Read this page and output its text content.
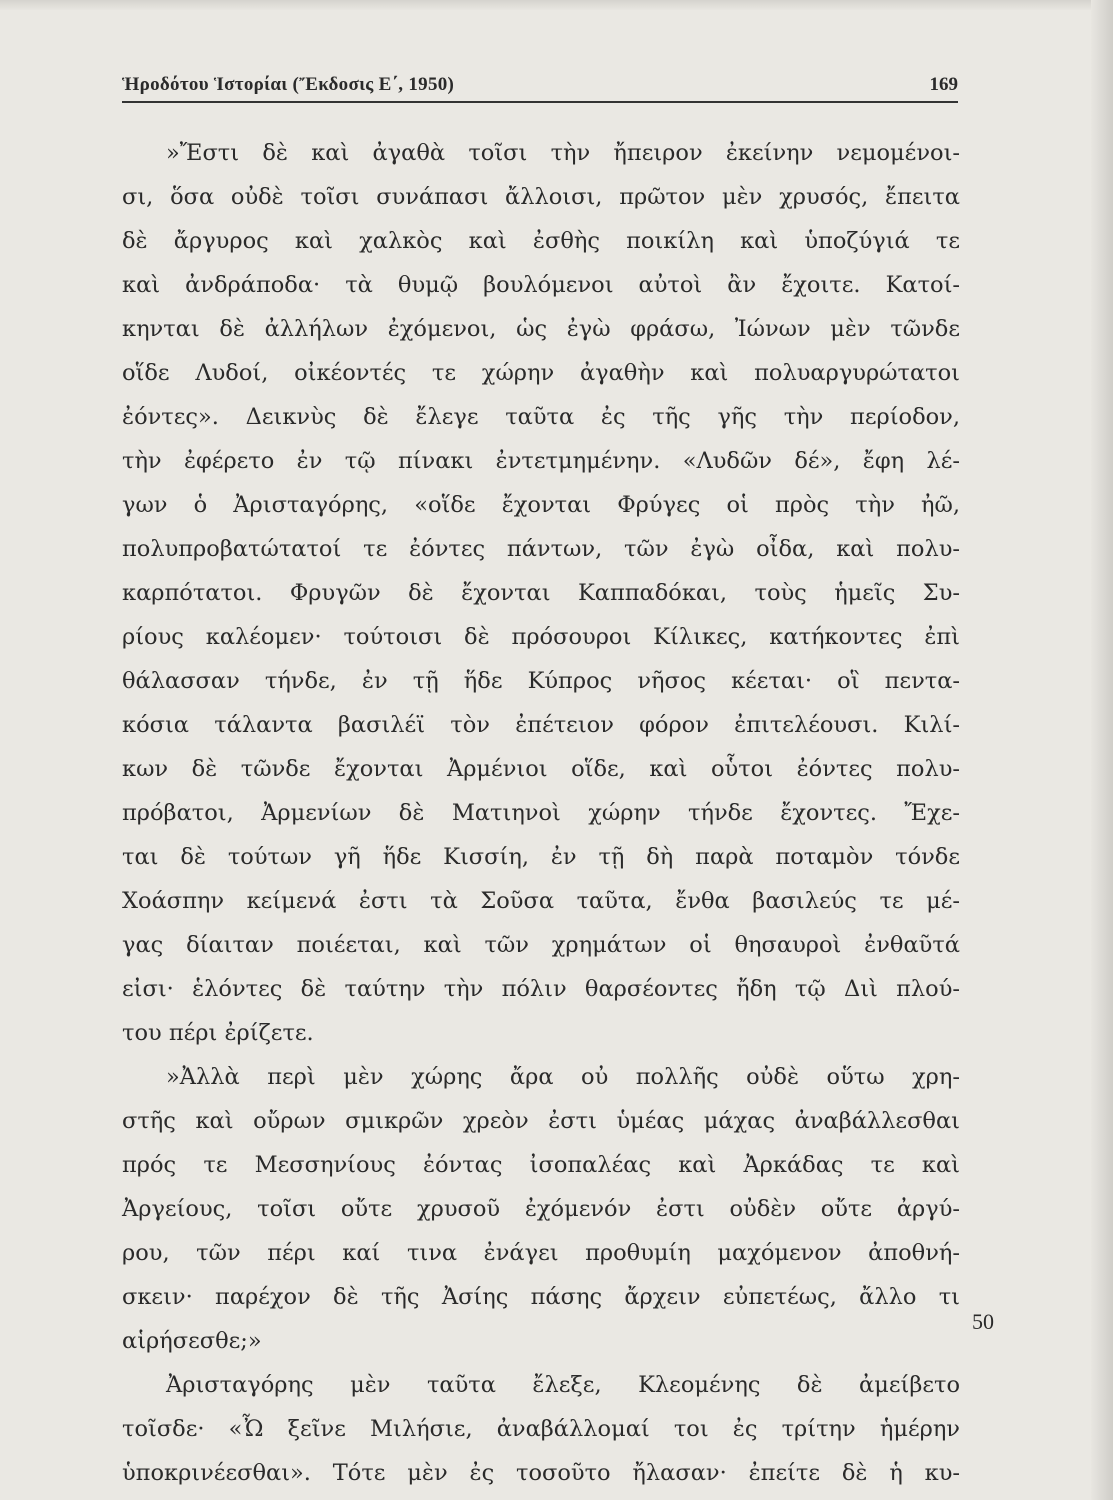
Ἡροδότου Ἱστορίαι (Ἔκδοσις Ε΄, 1950)	169
»Ἔστι δὲ καὶ ἀγαθὰ τοῖσι τὴν ἤπειρον ἐκείνην νεμομένοι-
σι, ὅσα οὐδὲ τοῖσι συνάπασι ἄλλοισι, πρῶτον μὲν χρυσός, ἔπειτα
δὲ ἄργυρος καὶ χαλκὸς καὶ ἐσθὴς ποικίλη καὶ ὑποζύγιά τε
καὶ ἀνδράποδα· τὰ θυμῷ βουλόμενοι αὐτοὶ ἂν ἔχοιτε. Κατοί-
κηνται δὲ ἀλλήλων ἐχόμενοι, ὡς ἐγὼ φράσω, Ἰώνων μὲν τῶνδε
οἵδε Λυδοί, οἰκέοντές τε χώρην ἀγαθὴν καὶ πολυαργυρώτατοι
ἐόντες». Δεικνὺς δὲ ἔλεγε ταῦτα ἐς τῆς γῆς τὴν περίοδον,
τὴν ἐφέρετο ἐν τῷ πίνακι ἐντετμημένην. «Λυδῶν δέ», ἔφη λέ-
γων ὁ Ἀρισταγόρης, «οἵδε ἔχονται Φρύγες οἱ πρὸς τὴν ἠῶ,
πολυπροβατώτατοί τε ἐόντες πάντων, τῶν ἐγὼ οἶδα, καὶ πολυ-
καρπότατοι. Φρυγῶν δὲ ἔχονται Καππαδόκαι, τοὺς ἡμεῖς Συ-
ρίους καλέομεν· τούτοισι δὲ πρόσουροι Κίλικες, κατήκοντες ἐπὶ
θάλασσαν τήνδε, ἐν τῇ ἥδε Κύπρος νῆσος κέεται· οἳ πεντα-
κόσια τάλαντα βασιλέϊ τὸν ἐπέτειον φόρον ἐπιτελέουσι. Κιλί-
κων δὲ τῶνδε ἔχονται Ἀρμένιοι οἵδε, καὶ οὗτοι ἐόντες πολυ-
πρόβατοι, Ἀρμενίων δὲ Ματιηνοὶ χώρην τήνδε ἔχοντες. Ἔχε-
ται δὲ τούτων γῆ ἥδε Κισσίη, ἐν τῇ δὴ παρὰ ποταμὸν τόνδε
Χοάσπην κείμενά ἐστι τὰ Σοῦσα ταῦτα, ἔνθα βασιλεύς τε μέ-
γας δίαιταν ποιέεται, καὶ τῶν χρημάτων οἱ θησαυροὶ ἐνθαῦτά
εἰσι· ἑλόντες δὲ ταύτην τὴν πόλιν θαρσέοντες ἤδη τῷ Διὶ πλού-
του πέρι ἐρίζετε.
»Ἀλλὰ περὶ μὲν χώρης ἄρα οὐ πολλῆς οὐδὲ οὕτω χρη-
στῆς καὶ οὔρων σμικρῶν χρεὸν ἐστι ὑμέας μάχας ἀναβάλλεσθαι
πρός τε Μεσσηνίους ἐόντας ἰσοπαλέας καὶ Ἀρκάδας τε καὶ
Ἀργείους, τοῖσι οὔτε χρυσοῦ ἐχόμενόν ἐστι οὐδὲν οὔτε ἀργύ-
ρου, τῶν πέρι καί τινα ἐνάγει προθυμίη μαχόμενον ἀποθνή-
σκειν· παρέχον δὲ τῆς Ἀσίης πάσης ἄρχειν εὐπετέως, ἄλλο τι
αἱρήσεσθε;»
Ἀρισταγόρης μὲν ταῦτα ἔλεξε, Κλεομένης δὲ ἀμείβετο
τοῖσδε· «Ὦ ξεῖνε Μιλήσιε, ἀναβάλλομαί τοι ἐς τρίτην ἡμέρην
ὑποκρινέεσθαι». Τότε μὲν ἐς τοσοῦτο ἤλασαν· ἐπείτε δὲ ἡ κυ-
50
